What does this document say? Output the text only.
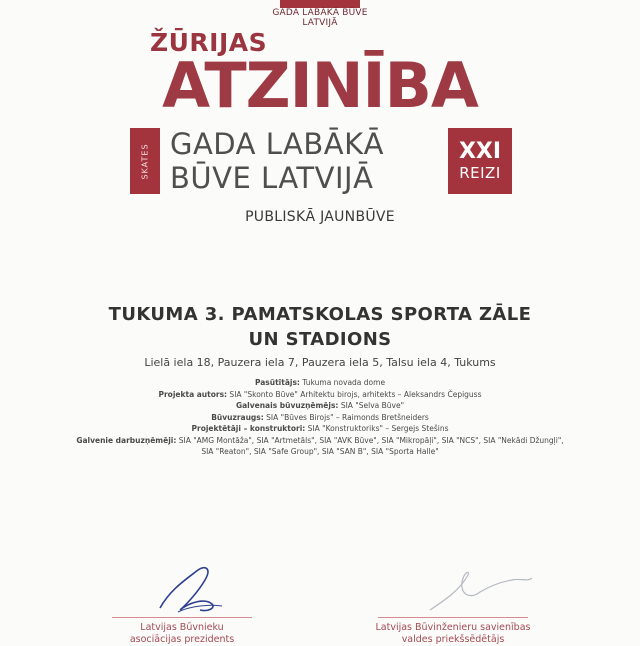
GADA LABĀKĀ BŪVE
LATVIJĀ
ŽŪRIJAS
ATZINĪBA
SKATES GADA LABĀKĀ
BŪVE LATVIJĀ
XXI
REIZI
PUBLISKĀ JAUNBŪVE
TUKUMA 3. PAMATSKOLAS SPORTA ZĀLE
UN STADIONS
Lielā iela 18, Pauzera iela 7, Pauzera iela 5, Talsu iela 4, Tukums
Pasūtītājs: Tukuma novada dome
Projekta autors: SIA "Skonto Būve" Arhitektu birojs, arhitekts – Aleksandrs Čepiguss
Galvenais būvuzņēmējs: SIA "Selva Būve"
Būvuzraugs: SIA "Būves Birojs" – Raimonds Bretšneiders
Projektētāji – konstruktori: SIA "Konstruktoriks" – Sergejs Stešins
Galvenie darbuzņēmēji: SIA "AMG Montāža", SIA "Artmetāls", SIA "AVK Būve", SIA "Mikropāļi", SIA "NCS", SIA "Nekādi Džungļi",
SIA "Reaton", SIA "Safe Group", SIA "SAN B", SIA "Sporta Halle"
Latvijas Būvnieku
asociācijas prezidents
Latvijas Būvinženieru savienības
valdes priekšsēdētājs
